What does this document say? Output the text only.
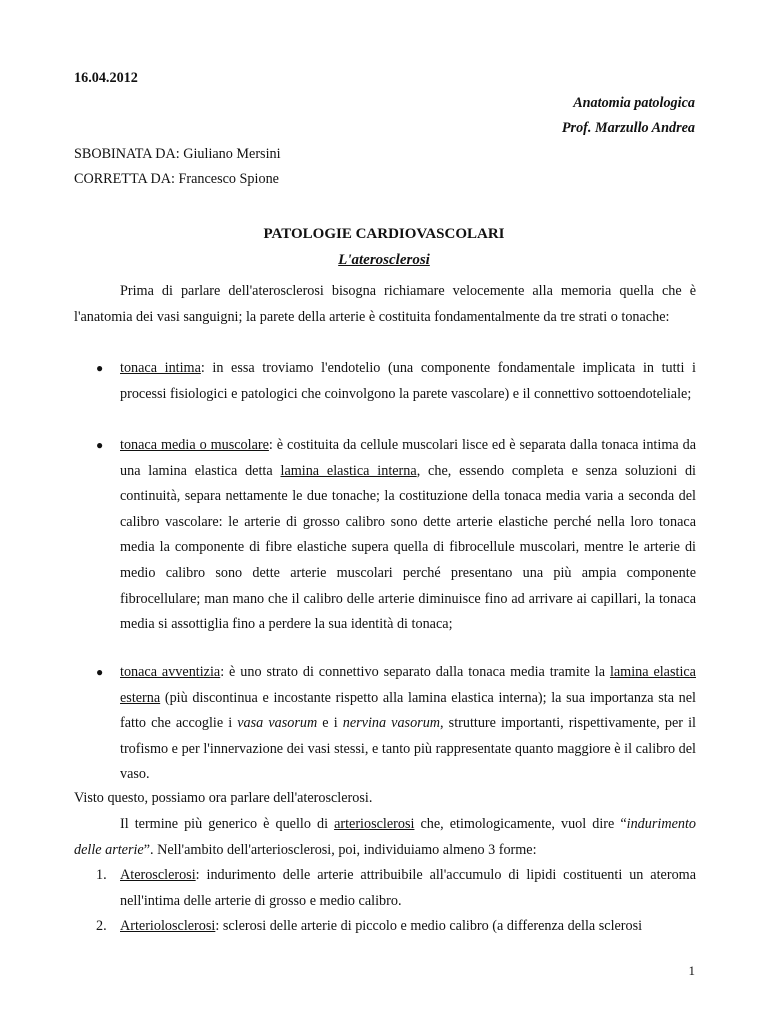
16.04.2012
Anatomia patologica
Prof. Marzullo Andrea
SBOBINATA DA: Giuliano Mersini
CORRETTA DA: Francesco Spione
PATOLOGIE CARDIOVASCOLARI
L'aterosclerosi
Prima di parlare dell'aterosclerosi bisogna richiamare velocemente alla memoria quella che è l'anatomia dei vasi sanguigni; la parete della arterie è costituita fondamentalmente da tre strati o tonache:
● tonaca intima: in essa troviamo l'endotelio (una componente fondamentale implicata in tutti i processi fisiologici e patologici che coinvolgono la parete vascolare) e il connettivo sottoendoteliale;
● tonaca media o muscolare: è costituita da cellule muscolari lisce ed è separata dalla tonaca intima da una lamina elastica detta lamina elastica interna, che, essendo completa e senza soluzioni di continuità, separa nettamente le due tonache; la costituzione della tonaca media varia a seconda del calibro vascolare: le arterie di grosso calibro sono dette arterie elastiche perché nella loro tonaca media la componente di fibre elastiche supera quella di fibrocellule muscolari, mentre le arterie di medio calibro sono dette arterie muscolari perché presentano una più ampia componente fibrocellulare; man mano che il calibro delle arterie diminuisce fino ad arrivare ai capillari, la tonaca media si assottiglia fino a perdere la sua identità di tonaca;
● tonaca avventizia: è uno strato di connettivo separato dalla tonaca media tramite la lamina elastica esterna (più discontinua e incostante rispetto alla lamina elastica interna); la sua importanza sta nel fatto che accoglie i vasa vasorum e i nervina vasorum, strutture importanti, rispettivamente, per il trofismo e per l'innervazione dei vasi stessi, e tanto più rappresentate quanto maggiore è il calibro del vaso.
Visto questo, possiamo ora parlare dell'aterosclerosi.
Il termine più generico è quello di arteriosclerosi che, etimologicamente, vuol dire “indurimento delle arterie”. Nell'ambito dell'arteriosclerosi, poi, individuiamo almeno 3 forme:
1. Aterosclerosi: indurimento delle arterie attribuibile all'accumulo di lipidi costituenti un ateroma nell'intima delle arterie di grosso e medio calibro.
2. Arteriolosclerosi: sclerosi delle arterie di piccolo e medio calibro (a differenza della sclerosi
1
